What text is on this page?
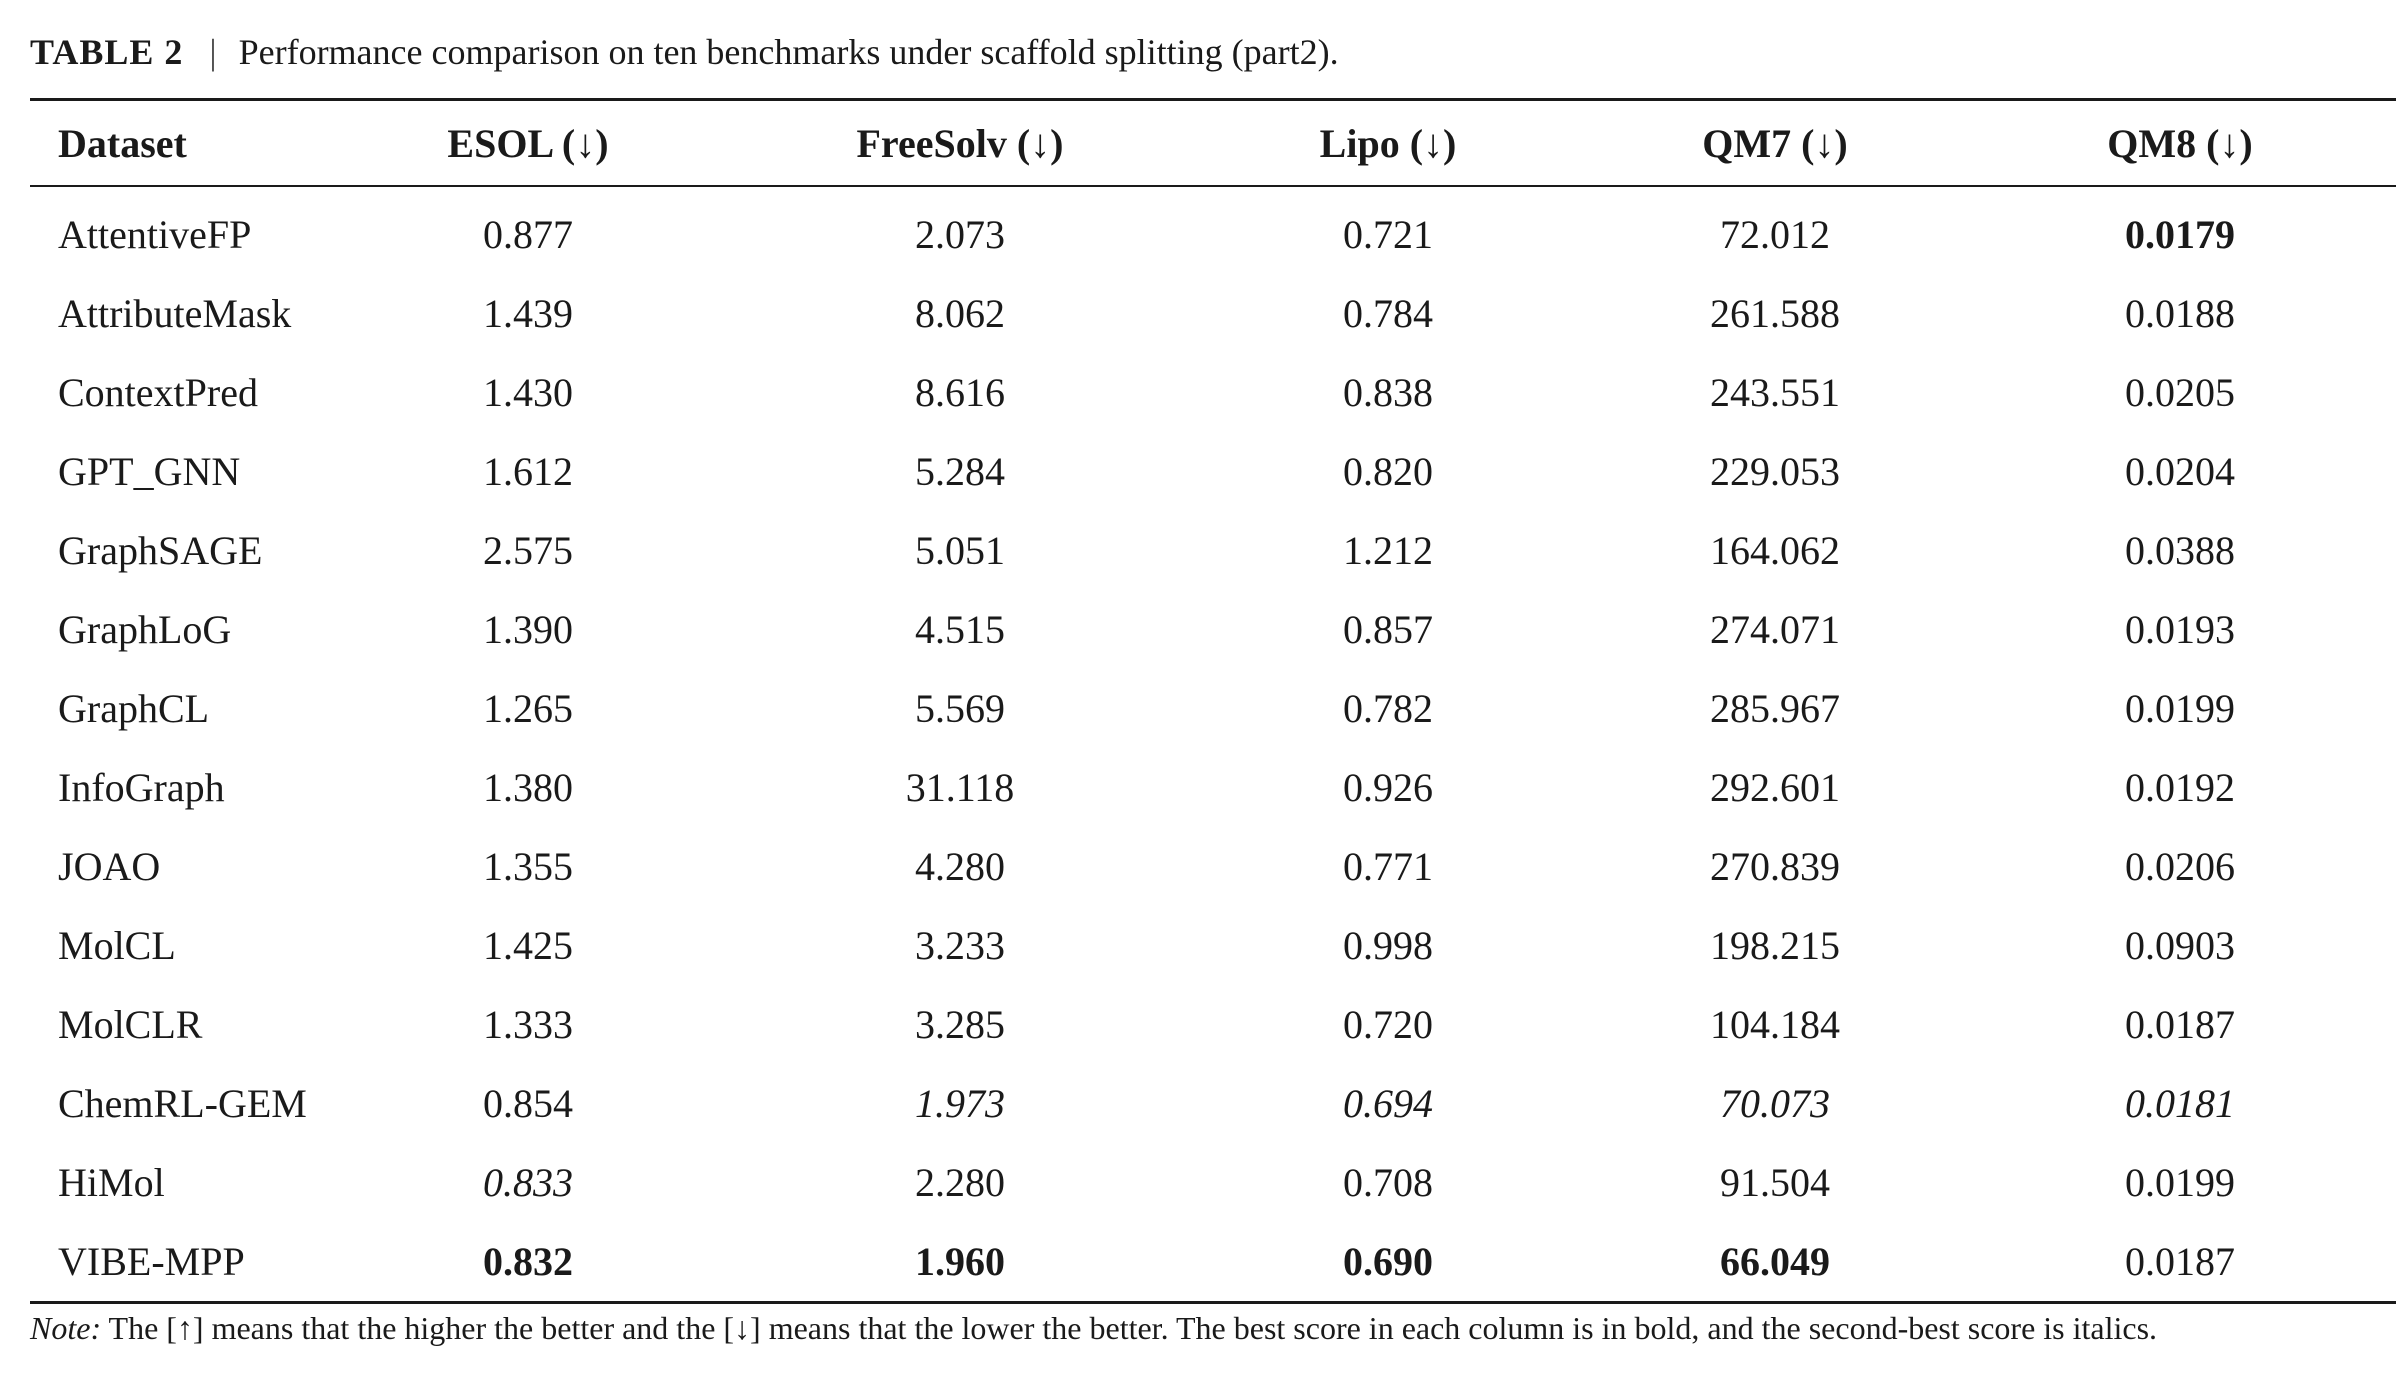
TABLE 2 | Performance comparison on ten benchmarks under scaffold splitting (part2).
Dataset	ESOL (↓)	FreeSolv (↓)	Lipo (↓)	QM7 (↓)	QM8 (↓)
AttentiveFP	0.877	2.073	0.721	72.012	0.0179
AttributeMask	1.439	8.062	0.784	261.588	0.0188
ContextPred	1.430	8.616	0.838	243.551	0.0205
GPT_GNN	1.612	5.284	0.820	229.053	0.0204
GraphSAGE	2.575	5.051	1.212	164.062	0.0388
GraphLoG	1.390	4.515	0.857	274.071	0.0193
GraphCL	1.265	5.569	0.782	285.967	0.0199
InfoGraph	1.380	31.118	0.926	292.601	0.0192
JOAO	1.355	4.280	0.771	270.839	0.0206
MolCL	1.425	3.233	0.998	198.215	0.0903
MolCLR	1.333	3.285	0.720	104.184	0.0187
ChemRL-GEM	0.854	1.973	0.694	70.073	0.0181
HiMol	0.833	2.280	0.708	91.504	0.0199
VIBE-MPP	0.832	1.960	0.690	66.049	0.0187
Note: The [↑] means that the higher the better and the [↓] means that the lower the better. The best score in each column is in bold, and the second-best score is italics.
